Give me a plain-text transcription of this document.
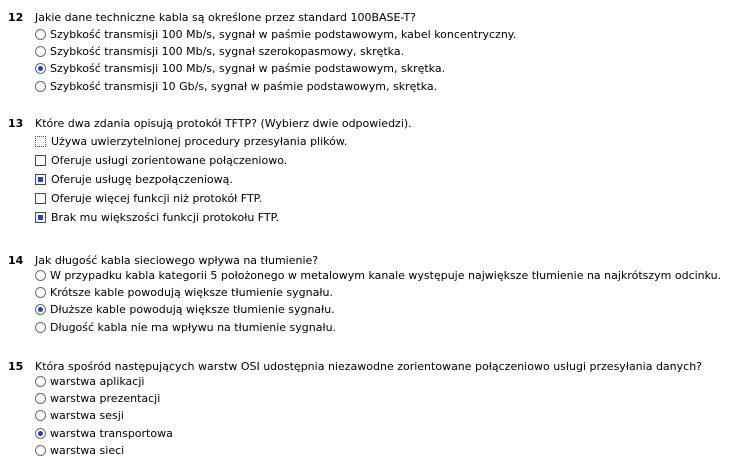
12 Jakie dane techniczne kabla są określone przez standard 100BASE-T?
Szybkość transmisji 100 Mb/s, sygnał w paśmie podstawowym, kabel koncentryczny.
Szybkość transmisji 100 Mb/s, sygnał szerokopasmowy, skrętka.
Szybkość transmisji 100 Mb/s, sygnał w paśmie podstawowym, skrętka.
Szybkość transmisji 10 Gb/s, sygnał w paśmie podstawowym, skrętka.
13 Które dwa zdania opisują protokół TFTP? (Wybierz dwie odpowiedzi).
Używa uwierzytelnionej procedury przesyłania plików.
Oferuje usługi zorientowane połączeniowo.
Oferuje usługę bezpołączeniową.
Oferuje więcej funkcji niż protokół FTP.
Brak mu większości funkcji protokołu FTP.
14 Jak długość kabla sieciowego wpływa na tłumienie?
W przypadku kabla kategorii 5 położonego w metalowym kanale występuje największe tłumienie na najkrótszym odcinku.
Krótsze kable powodują większe tłumienie sygnału.
Dłuższe kable powodują większe tłumienie sygnału.
Długość kabla nie ma wpływu na tłumienie sygnału.
15 Która spośród następujących warstw OSI udostępnia niezawodne zorientowane połączeniowo usługi przesyłania danych?
warstwa aplikacji
warstwa prezentacji
warstwa sesji
warstwa transportowa
warstwa sieci
